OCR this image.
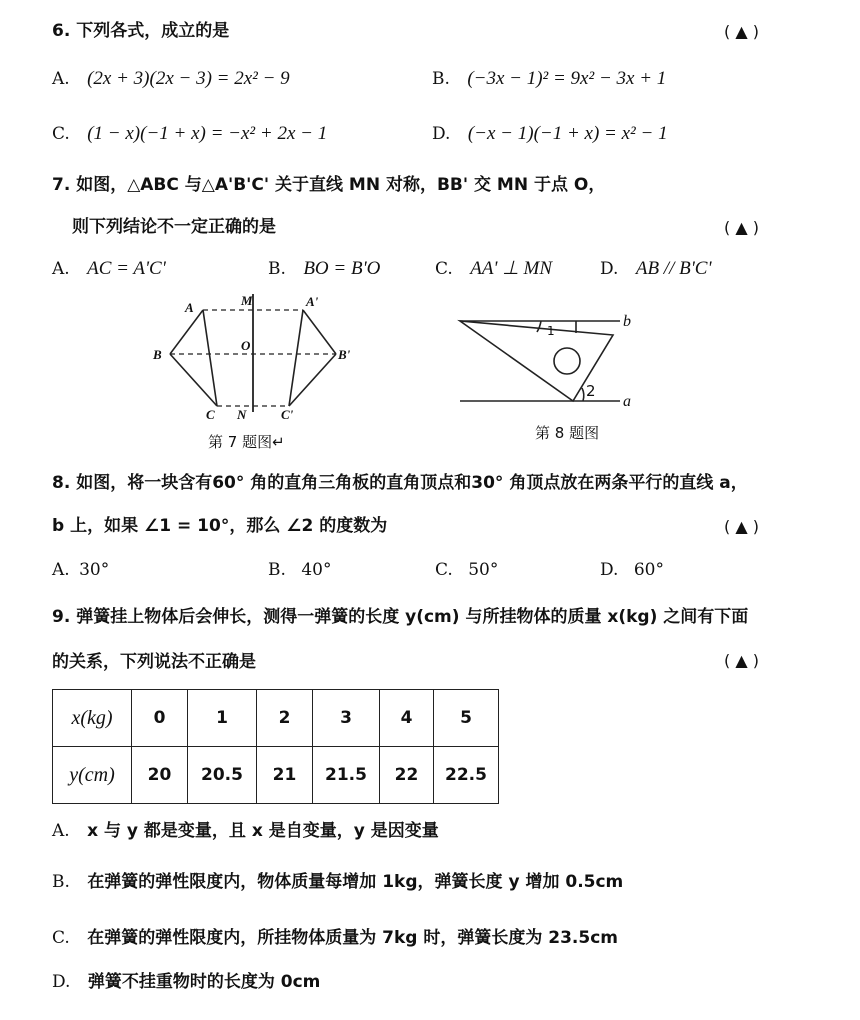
6. 下列各式，成立的是	( ▲ )
A. (2x + 3)(2x − 3) = 2x² − 9	B. (−3x − 1)² = 9x² − 3x + 1
C. (1 − x)(−1 + x) = −x² + 2x − 1	D. (−x − 1)(−1 + x) = x² − 1
7. 如图，△ABC 与△A'B'C' 关于直线 MN 对称，BB' 交 MN 于点 O，
则下列结论不一定正确的是	( ▲ )
A. AC = A'C'	B. BO = B'O	C. AA' ⊥ MN	D. AB // B'C'
A	M	A'
B
O
B'
C N	C'
第 7 题图↵
b
a
1
2
第 8 题图
8. 如图，将一块含有60° 角的直角三角板的直角顶点和30° 角顶点放在两条平行的直线 a，
b 上，如果 ∠1 = 10°，那么 ∠2 的度数为	( ▲ )
A. 30°	B. 40°	C. 50°	D. 60°
9. 弹簧挂上物体后会伸长，测得一弹簧的长度 y(cm) 与所挂物体的质量 x(kg) 之间有下面
的关系，下列说法不正确是	( ▲ )
x(kg)	0	1	2	3	4	5
y(cm)	20	20.5	21	21.5	22	22.5
A. x 与 y 都是变量，且 x 是自变量，y 是因变量
B. 在弹簧的弹性限度内，物体质量每增加 1kg，弹簧长度 y 增加 0.5cm
C. 在弹簧的弹性限度内，所挂物体质量为 7kg 时，弹簧长度为 23.5cm
D. 弹簧不挂重物时的长度为 0cm
